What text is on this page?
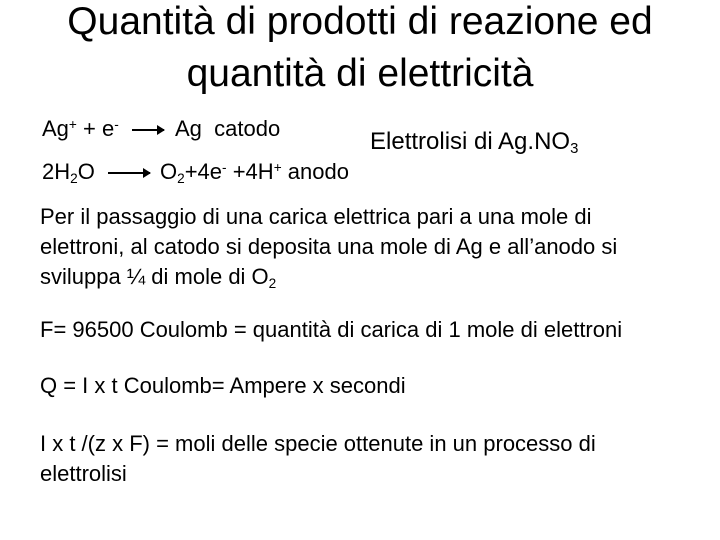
Quantità di prodotti di reazione ed
quantità di elettricità
Ag+ + e- → Ag catodo	Elettrolisi di $Ag.NO_3$
$2H_2O \to O_2+4e^- +4H^+$ anodo
Per il passaggio di una carica elettrica pari a una mole di
elettroni, al catodo si deposita una mole di Ag e all’anodo si
sviluppa ¼ di mole di $O_2$
F= 96500 Coulomb = quantità di carica di 1 mole di elettroni
Q = I x t Coulomb= Ampere x secondi
I x t /(z x F) = moli delle specie ottenute in un processo di
elettrolisi
